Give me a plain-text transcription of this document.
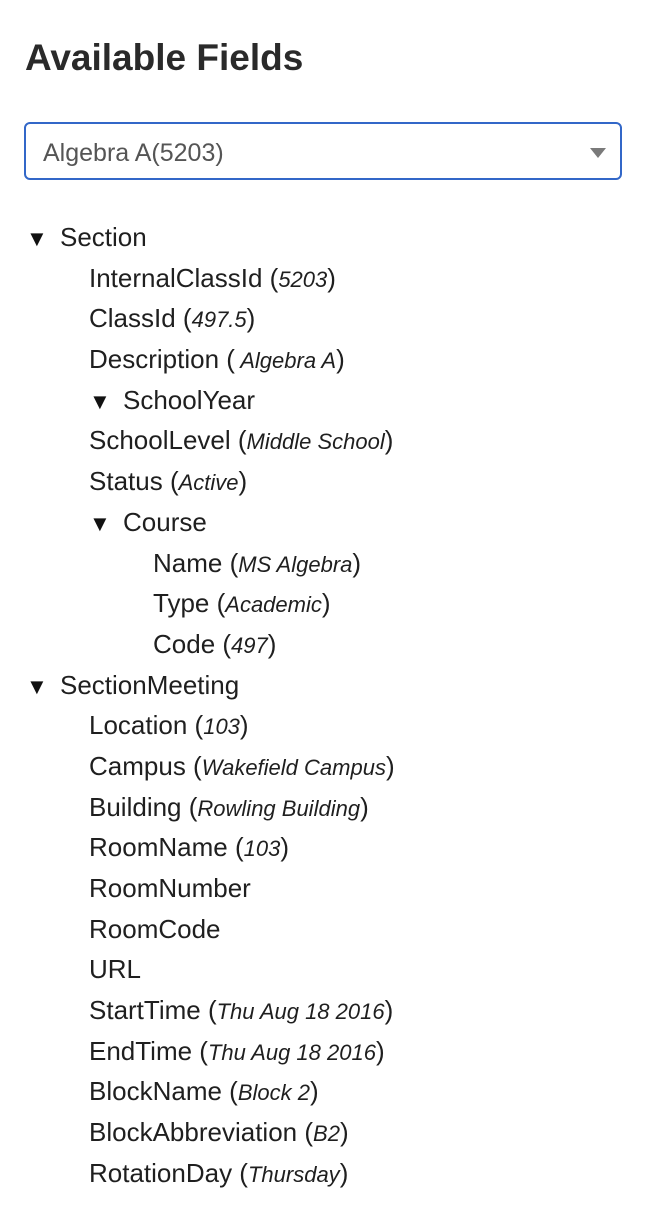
Available Fields
Algebra A(5203)
▼ Section
InternalClassId (5203)
ClassId (497.5)
Description ( Algebra A)
▼ SchoolYear
SchoolLevel (Middle School)
Status (Active)
▼ Course
Name (MS Algebra)
Type (Academic)
Code (497)
▼ SectionMeeting
Location (103)
Campus (Wakefield Campus)
Building (Rowling Building)
RoomName (103)
RoomNumber
RoomCode
URL
StartTime (Thu Aug 18 2016)
EndTime (Thu Aug 18 2016)
BlockName (Block 2)
BlockAbbreviation (B2)
RotationDay (Thursday)
